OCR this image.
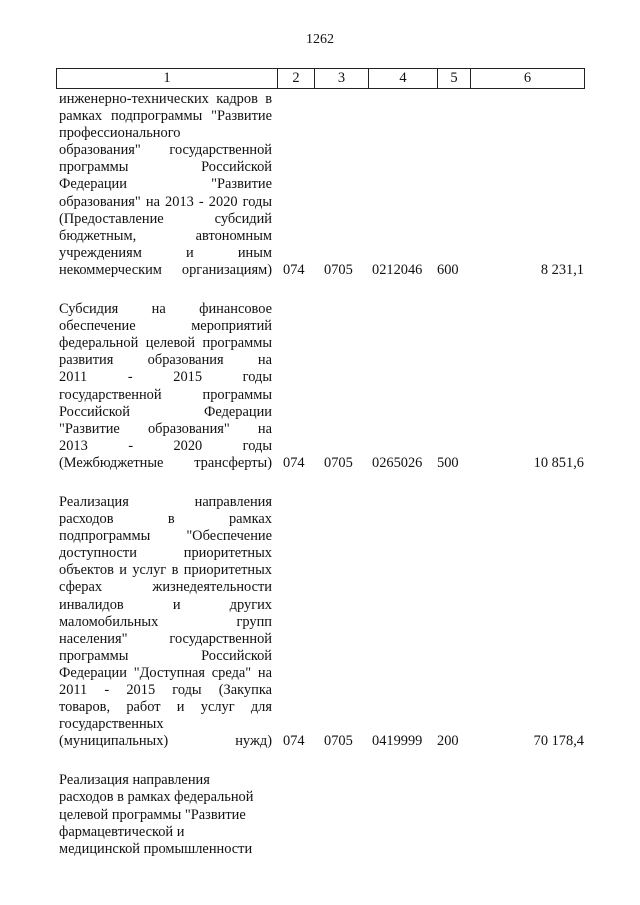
1262
1	2	3	4	5	6
инженерно-технических кадров в
рамках подпрограммы "Развитие
профессионального
образования" государственной
программы Российской
Федерации "Развитие
образования" на 2013 - 2020 годы
(Предоставление субсидий
бюджетным, автономным
учреждениям и иным
некоммерческим организациям) 074 0705 0212046 600	8 231,1
Субсидия на финансовое
обеспечение мероприятий
федеральной целевой программы
развития образования на
2011 - 2015 годы
государственной программы
Российской Федерации
"Развитие образования" на
2013 - 2020 годы
(Межбюджетные трансферты) 074 0705 0265026 500	10 851,6
Реализация направления
расходов в рамках
подпрограммы "Обеспечение
доступности приоритетных
объектов и услуг в приоритетных
сферах жизнедеятельности
инвалидов и других
маломобильных групп
населения" государственной
программы Российской
Федерации "Доступная среда" на
2011 - 2015 годы (Закупка
товаров, работ и услуг для
государственных
(муниципальных) нужд) 074 0705 0419999 200	70 178,4
Реализация направления
расходов в рамках федеральной
целевой программы "Развитие
фармацевтической и
медицинской промышленности
